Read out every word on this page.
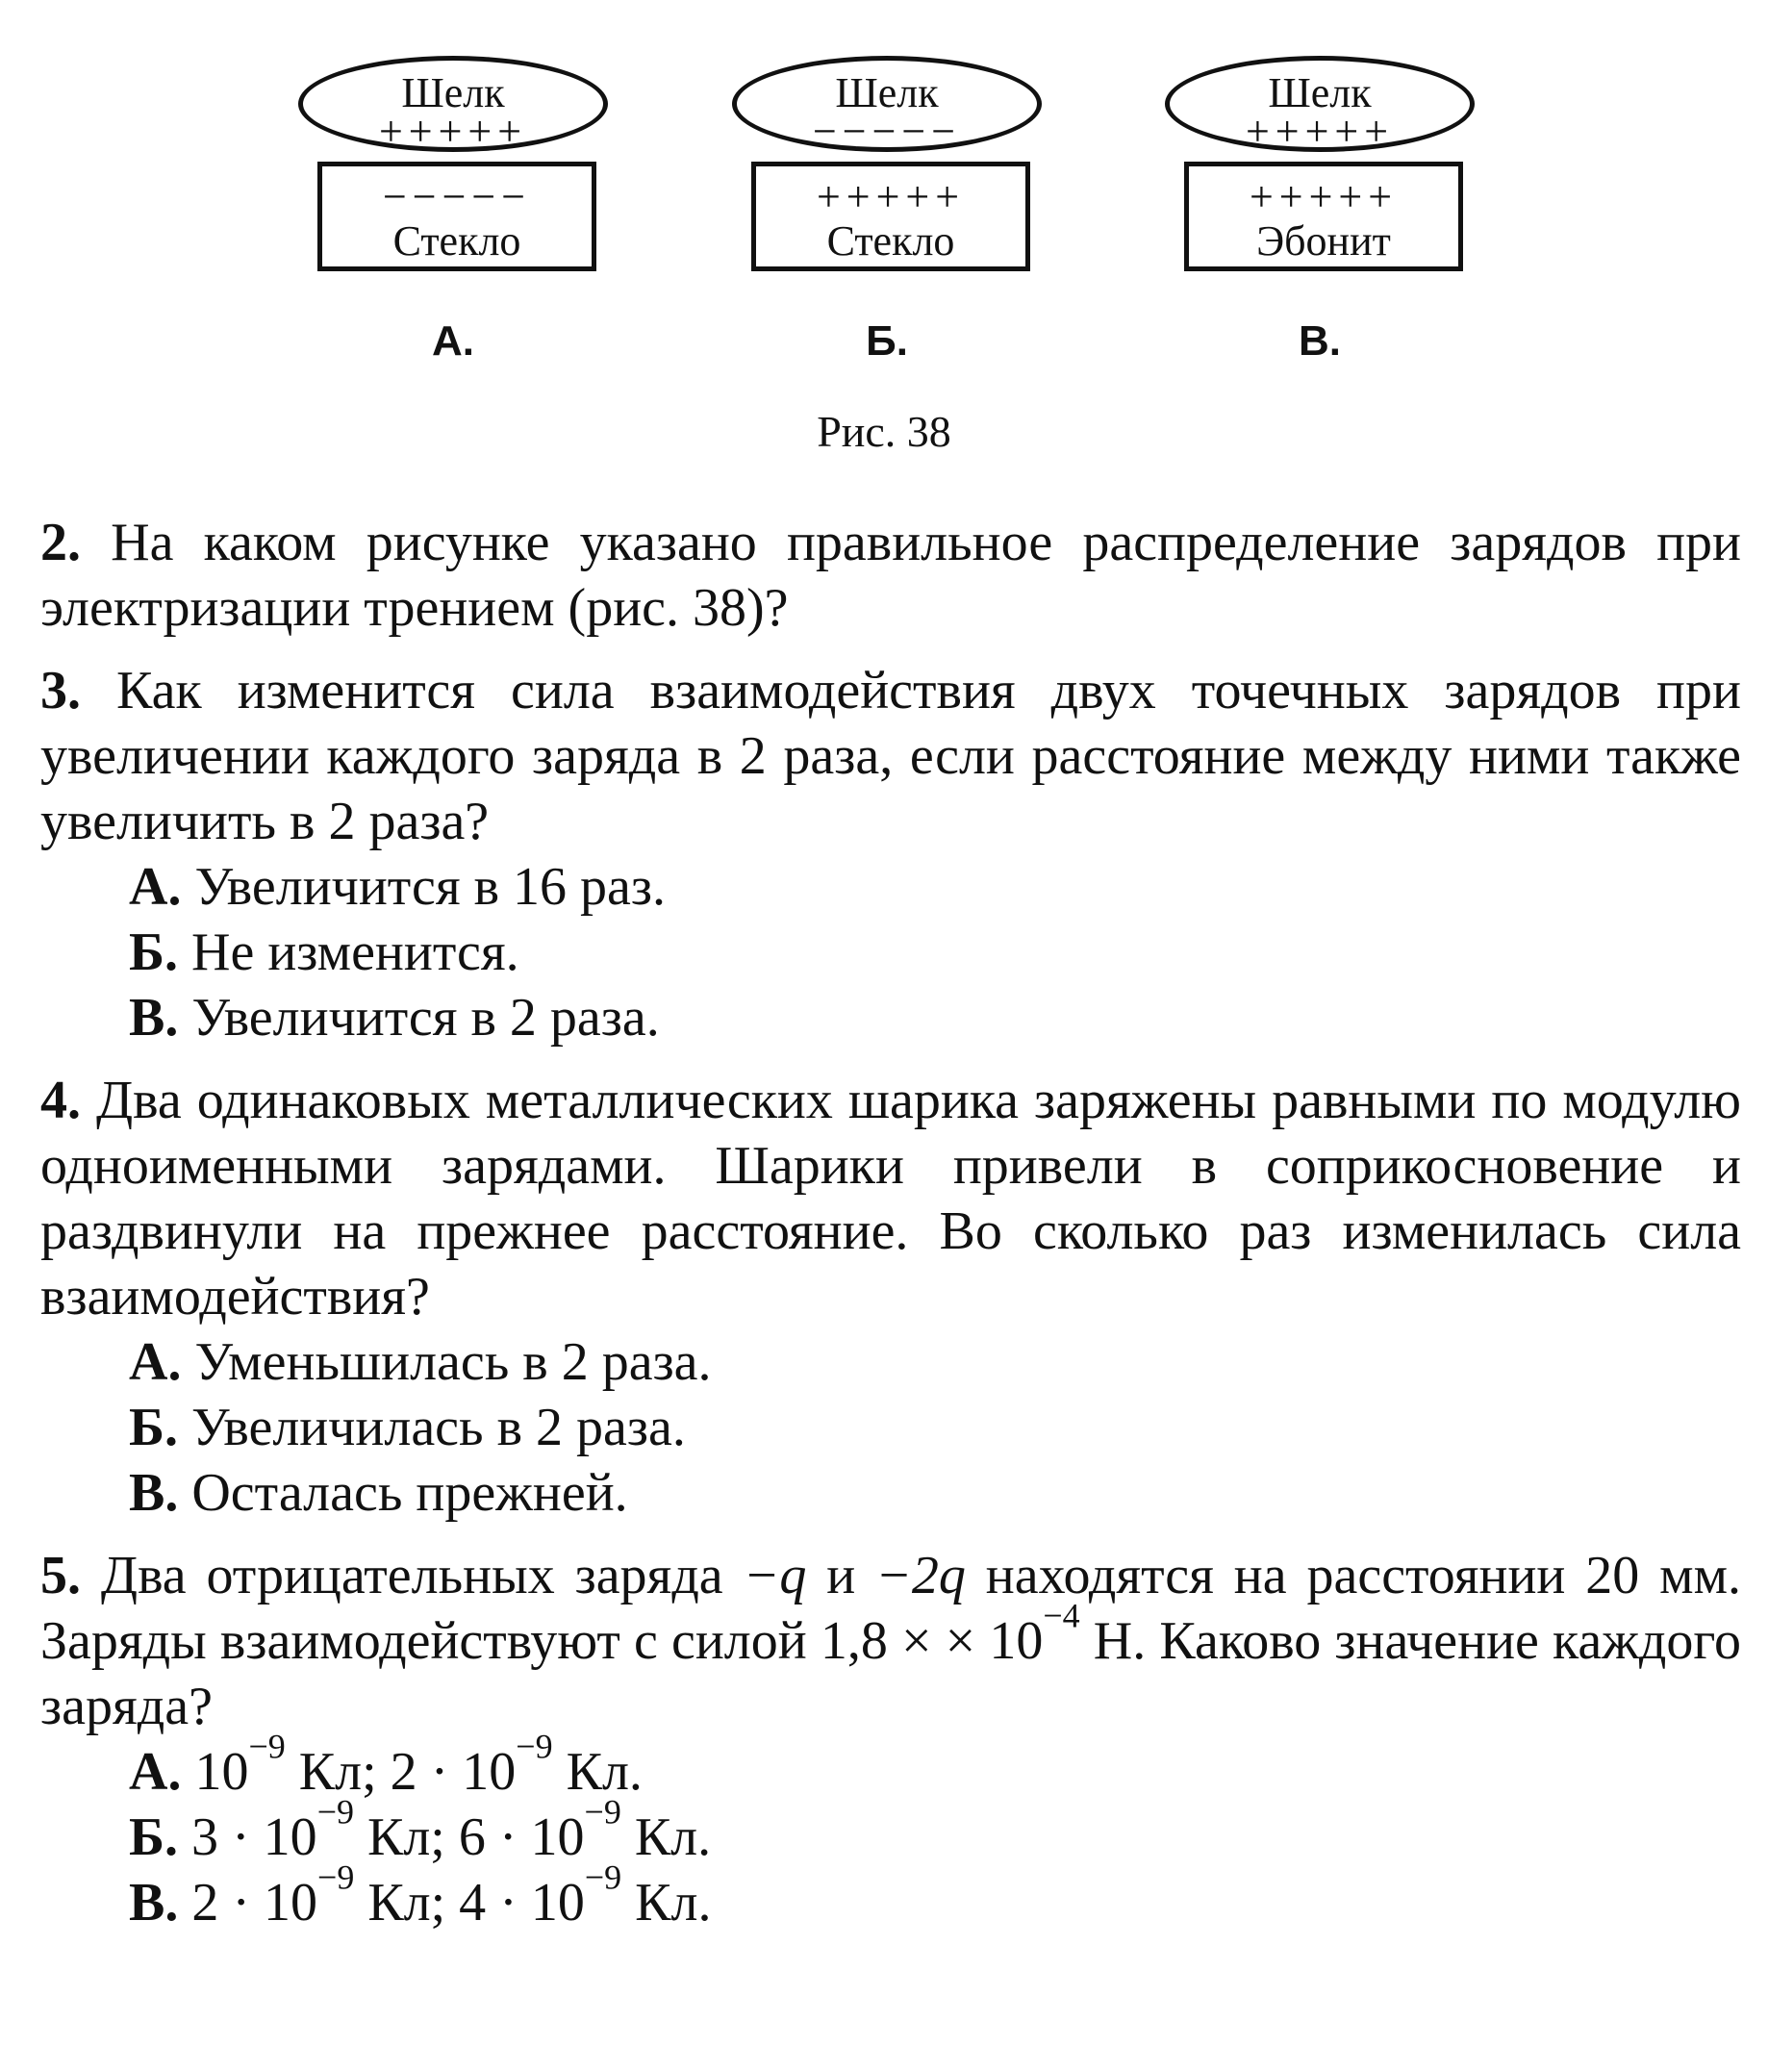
Шелк
+++++
−−−−−
Стекло
А.
Шелк
−−−−−
+++++
Стекло
Б.
Шелк
+++++
+++++
Эбонит
В.
Рис. 38
2. На каком рисунке указано правильное распределение зарядов при электризации трением (рис. 38)?
3. Как изменится сила взаимодействия двух точечных зарядов при увеличении каждого заряда в 2 раза, если расстояние между ними также увеличить в 2 раза?
А. Увеличится в 16 раз.
Б. Не изменится.
В. Увеличится в 2 раза.
4. Два одинаковых металлических шарика заряжены равными по модулю одноименными зарядами. Шарики привели в соприкосновение и раздвинули на прежнее расстояние. Во сколько раз изменилась сила взаимодействия?
А. Уменьшилась в 2 раза.
Б. Увеличилась в 2 раза.
В. Осталась прежней.
5. Два отрицательных заряда −q и −2q находятся на расстоянии 20 мм. Заряды взаимодействуют с силой 1,8 × × $10^{-4}$ Н. Каково значение каждого заряда?
А. $10^{-9}$ Кл; $2 \cdot 10^{-9}$ Кл.
Б. $3 \cdot 10^{-9}$ Кл; $6 \cdot 10^{-9}$ Кл.
В. $2 \cdot 10^{-9}$ Кл; $4 \cdot 10^{-9}$ Кл.
